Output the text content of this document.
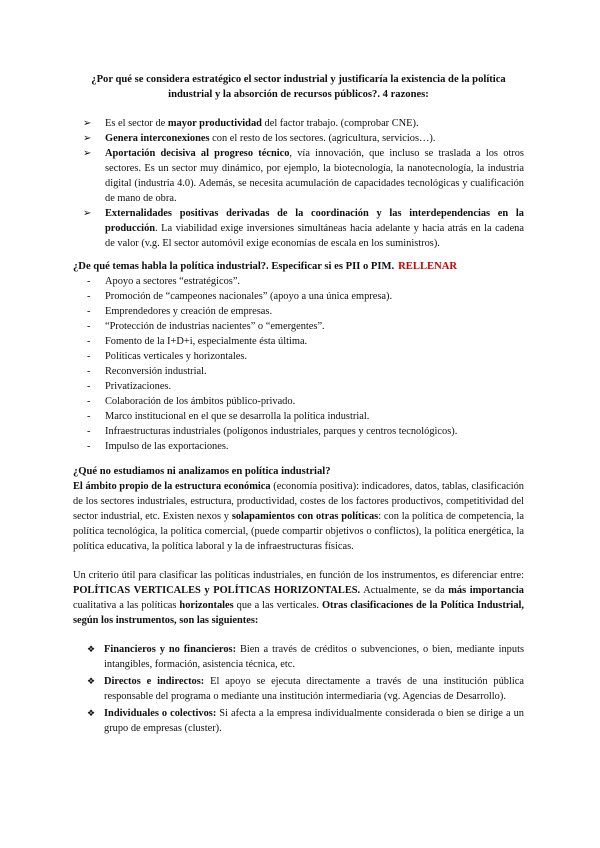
¿Por qué se considera estratégico el sector industrial y justificaría la existencia de la política industrial y la absorción de recursos públicos?. 4 razones:

➢ Es el sector de mayor productividad del factor trabajo. (comprobar CNE).
➢ Genera interconexiones con el resto de los sectores. (agricultura, servicios…).
➢ Aportación decisiva al progreso técnico, vía innovación, que incluso se traslada a los otros sectores. Es un sector muy dinámico, por ejemplo, la biotecnología, la nanotecnología, la industria digital (industria 4.0). Además, se necesita acumulación de capacidades tecnológicas y cualificación de mano de obra.
➢ Externalidades positivas derivadas de la coordinación y las interdependencias en la producción. La viabilidad exige inversiones simultáneas hacia adelante y hacia atrás en la cadena de valor (v.g. El sector automóvil exige economías de escala en los suministros).

¿De qué temas habla la política industrial?. Especificar si es PII o PIM. RELLENAR

- Apoyo a sectores “estratégicos”.
- Promoción de “campeones nacionales” (apoyo a una única empresa).
- Emprendedores y creación de empresas.
- “Protección de industrias nacientes” o “emergentes”.
- Fomento de la I+D+i, especialmente ésta última.
- Políticas verticales y horizontales.
- Reconversión industrial.
- Privatizaciones.
- Colaboración de los ámbitos público-privado.
- Marco institucional en el que se desarrolla la política industrial.
- Infraestructuras industriales (polígonos industriales, parques y centros tecnológicos).
- Impulso de las exportaciones.

¿Qué no estudiamos ni analizamos en política industrial?

El ámbito propio de la estructura económica (economía positiva): indicadores, datos, tablas, clasificación de los sectores industriales, estructura, productividad, costes de los factores productivos, competitividad del sector industrial, etc. Existen nexos y solapamientos con otras políticas: con la política de competencia, la política tecnológica, la política comercial, (puede compartir objetivos o conflictos), la política energética, la política educativa, la política laboral y la de infraestructuras físicas.

Un criterio útil para clasificar las políticas industriales, en función de los instrumentos, es diferenciar entre: POLÍTICAS VERTICALES y POLÍTICAS HORIZONTALES. Actualmente, se da más importancia cualitativa a las políticas horizontales que a las verticales. Otras clasificaciones de la Política Industrial, según los instrumentos, son las siguientes:

❖ Financieros y no financieros: Bien a través de créditos o subvenciones, o bien, mediante inputs intangibles, formación, asistencia técnica, etc.
❖ Directos e indirectos: El apoyo se ejecuta directamente a través de una institución pública responsable del programa o mediante una institución intermediaria (vg. Agencias de Desarrollo).
❖ Individuales o colectivos: Si afecta a la empresa individualmente considerada o bien se dirige a un grupo de empresas (cluster).
